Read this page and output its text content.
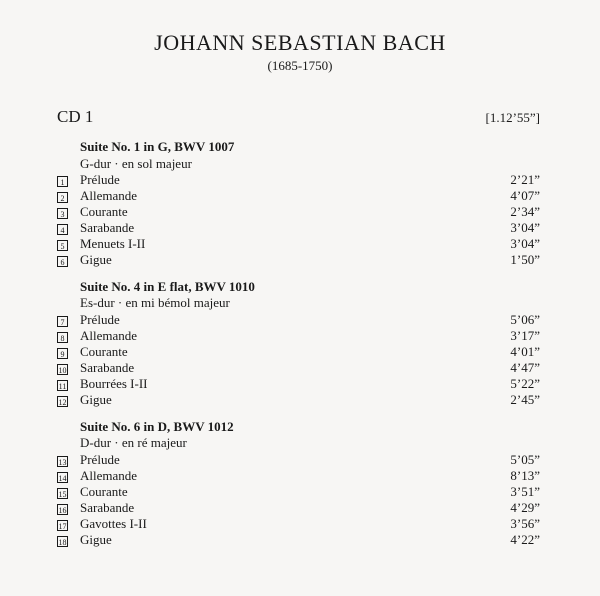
JOHANN SEBASTIAN BACH
(1685-1750)
CD 1	[1.12’55”]
Suite No. 1 in G, BWV 1007
G-dur · en sol majeur
1 Prélude	2’21”
2 Allemande	4’07”
3 Courante	2’34”
4 Sarabande	3’04”
5 Menuets I-II	3’04”
6 Gigue	1’50”
Suite No. 4 in E flat, BWV 1010
Es-dur · en mi bémol majeur
7 Prélude	5’06”
8 Allemande	3’17”
9 Courante	4’01”
10 Sarabande	4’47”
11 Bourrées I-II	5’22”
12 Gigue	2’45”
Suite No. 6 in D, BWV 1012
D-dur · en ré majeur
13 Prélude	5’05”
14 Allemande	8’13”
15 Courante	3’51”
16 Sarabande	4’29”
17 Gavottes I-II	3’56”
18 Gigue	4’22”
